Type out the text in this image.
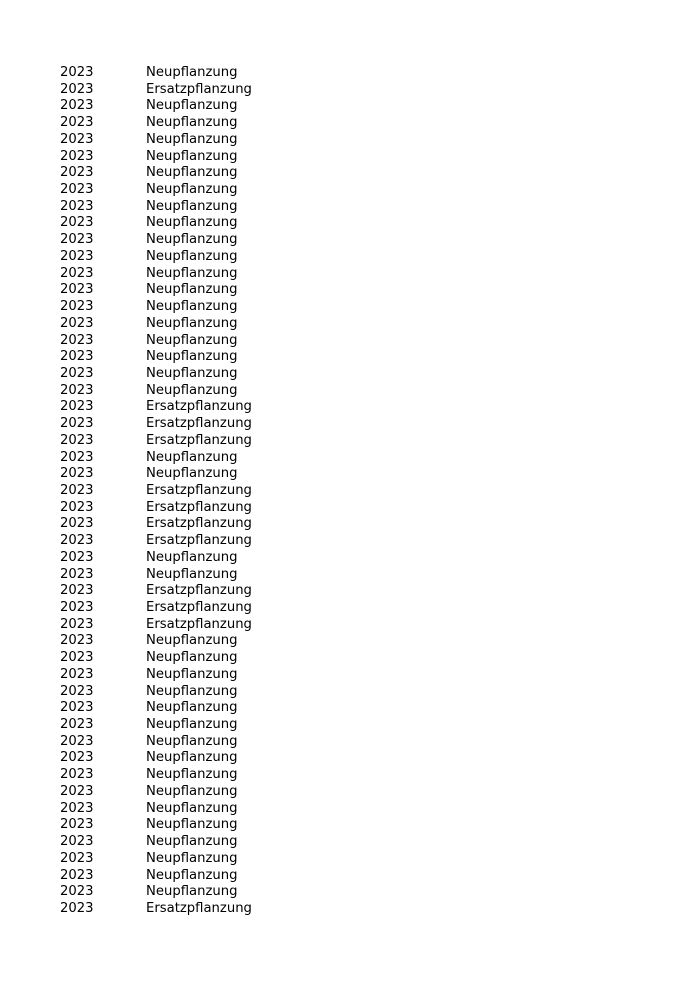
2023	Neupflanzung
2023	Ersatzpflanzung
2023	Neupflanzung
2023	Neupflanzung
2023	Neupflanzung
2023	Neupflanzung
2023	Neupflanzung
2023	Neupflanzung
2023	Neupflanzung
2023	Neupflanzung
2023	Neupflanzung
2023	Neupflanzung
2023	Neupflanzung
2023	Neupflanzung
2023	Neupflanzung
2023	Neupflanzung
2023	Neupflanzung
2023	Neupflanzung
2023	Neupflanzung
2023	Neupflanzung
2023	Ersatzpflanzung
2023	Ersatzpflanzung
2023	Ersatzpflanzung
2023	Neupflanzung
2023	Neupflanzung
2023	Ersatzpflanzung
2023	Ersatzpflanzung
2023	Ersatzpflanzung
2023	Ersatzpflanzung
2023	Neupflanzung
2023	Neupflanzung
2023	Ersatzpflanzung
2023	Ersatzpflanzung
2023	Ersatzpflanzung
2023	Neupflanzung
2023	Neupflanzung
2023	Neupflanzung
2023	Neupflanzung
2023	Neupflanzung
2023	Neupflanzung
2023	Neupflanzung
2023	Neupflanzung
2023	Neupflanzung
2023	Neupflanzung
2023	Neupflanzung
2023	Neupflanzung
2023	Neupflanzung
2023	Neupflanzung
2023	Neupflanzung
2023	Neupflanzung
2023	Ersatzpflanzung
